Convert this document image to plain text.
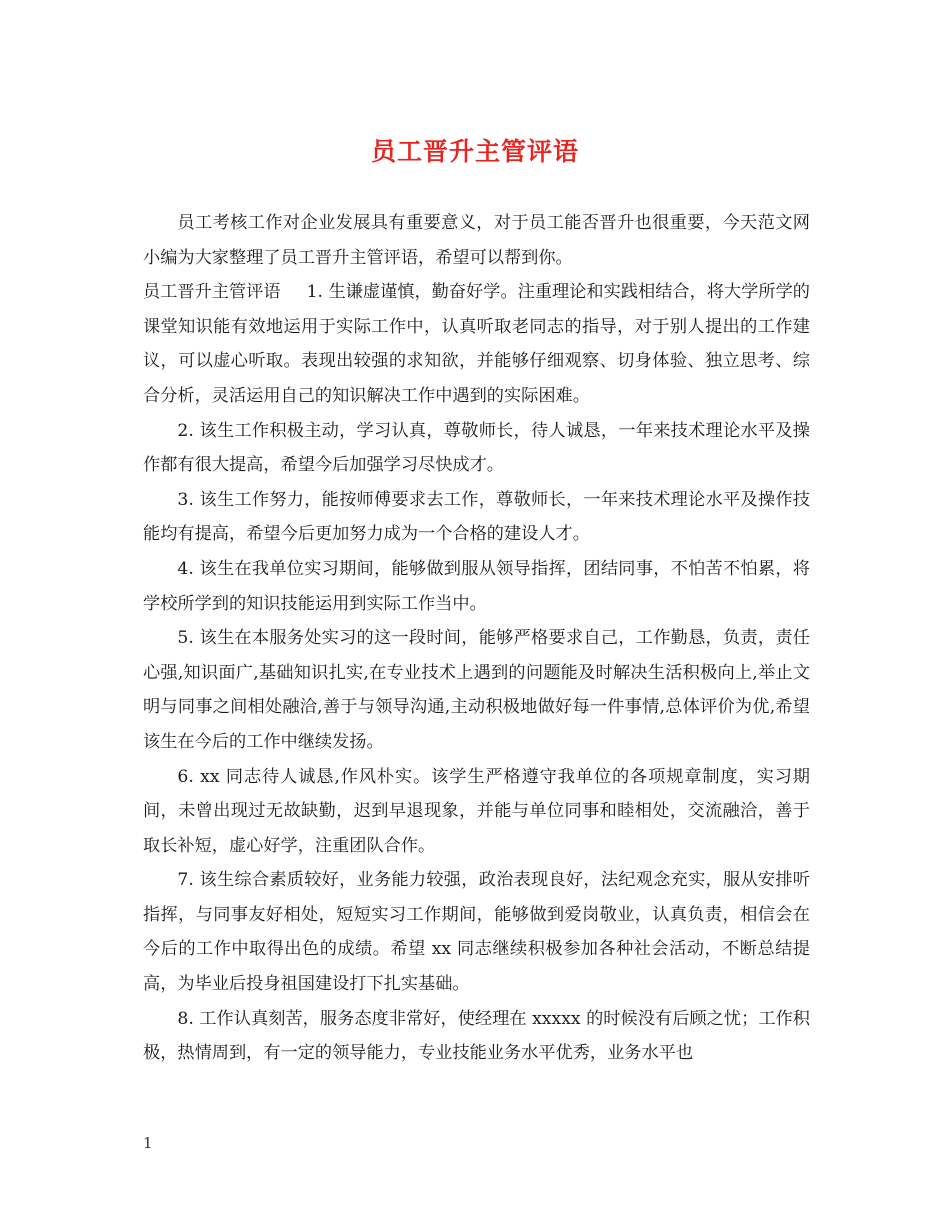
员工晋升主管评语

员工考核工作对企业发展具有重要意义，对于员工能否晋升也很重要，今天范文网小编为大家整理了员工晋升主管评语，希望可以帮到你。

员工晋升主管评语 1. 生谦虚谨慎，勤奋好学。注重理论和实践相结合，将大学所学的课堂知识能有效地运用于实际工作中，认真听取老同志的指导，对于别人提出的工作建议，可以虚心听取。表现出较强的求知欲，并能够仔细观察、切身体验、独立思考、综合分析，灵活运用自己的知识解决工作中遇到的实际困难。

2. 该生工作积极主动，学习认真，尊敬师长，待人诚恳，一年来技术理论水平及操作都有很大提高，希望今后加强学习尽快成才。

3. 该生工作努力，能按师傅要求去工作，尊敬师长，一年来技术理论水平及操作技能均有提高，希望今后更加努力成为一个合格的建设人才。

4. 该生在我单位实习期间，能够做到服从领导指挥，团结同事，不怕苦不怕累，将学校所学到的知识技能运用到实际工作当中。

5. 该生在本服务处实习的这一段时间，能够严格要求自己，工作勤恳，负责，责任心强,知识面广,基础知识扎实,在专业技术上遇到的问题能及时解决生活积极向上,举止文明与同事之间相处融洽,善于与领导沟通,主动积极地做好每一件事情,总体评价为优,希望该生在今后的工作中继续发扬。

6. xx 同志待人诚恳,作风朴实。该学生严格遵守我单位的各项规章制度，实习期间，未曾出现过无故缺勤，迟到早退现象，并能与单位同事和睦相处，交流融洽，善于取长补短，虚心好学，注重团队合作。

7. 该生综合素质较好，业务能力较强，政治表现良好，法纪观念充实，服从安排听指挥，与同事友好相处，短短实习工作期间，能够做到爱岗敬业，认真负责，相信会在今后的工作中取得出色的成绩。希望 xx 同志继续积极参加各种社会活动，不断总结提高，为毕业后投身祖国建设打下扎实基础。

8. 工作认真刻苦，服务态度非常好，使经理在 xxxxx 的时候没有后顾之忧；工作积极，热情周到，有一定的领导能力，专业技能业务水平优秀，业务水平也

1
